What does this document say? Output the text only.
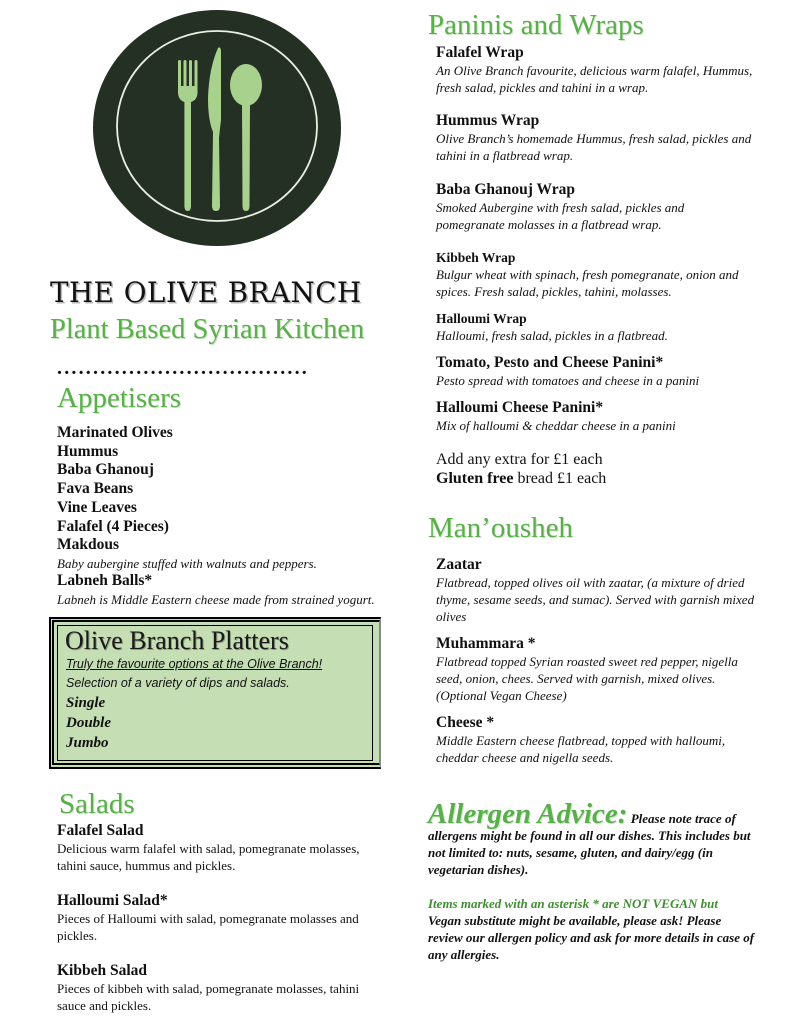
THE OLIVE BRANCH
Plant Based Syrian Kitchen
...................................
Appetisers
Marinated Olives
Hummus
Baba Ghanouj
Fava Beans
Vine Leaves
Falafel (4 Pieces)
Makdous
Baby aubergine stuffed with walnuts and peppers.
Labneh Balls*
Labneh is Middle Eastern cheese made from strained yogurt.
Olive Branch Platters
Truly the favourite options at the Olive Branch!
Selection of a variety of dips and salads.
Single
Double
Jumbo
Salads
Falafel Salad
Delicious warm falafel with salad, pomegranate molasses, tahini sauce, hummus and pickles.
Halloumi Salad*
Pieces of Halloumi with salad, pomegranate molasses and pickles.
Kibbeh Salad
Pieces of kibbeh with salad, pomegranate molasses, tahini sauce and pickles.
Paninis and Wraps
Falafel Wrap
An Olive Branch favourite, delicious warm falafel, Hummus, fresh salad, pickles and tahini in a wrap.
Hummus Wrap
Olive Branch’s homemade Hummus, fresh salad, pickles and tahini in a flatbread wrap.
Baba Ghanouj Wrap
Smoked Aubergine with fresh salad, pickles and pomegranate molasses in a flatbread wrap.
Kibbeh Wrap
Bulgur wheat with spinach, fresh pomegranate, onion and spices. Fresh salad, pickles, tahini, molasses.
Halloumi Wrap
Halloumi, fresh salad, pickles in a flatbread.
Tomato, Pesto and Cheese Panini*
Pesto spread with tomatoes and cheese in a panini
Halloumi Cheese Panini*
Mix of halloumi & cheddar cheese in a panini
Add any extra for £1 each
Gluten free bread £1 each
Man’ousheh
Zaatar
Flatbread, topped olives oil with zaatar, (a mixture of dried thyme, sesame seeds, and sumac). Served with garnish mixed olives
Muhammara *
Flatbread topped Syrian roasted sweet red pepper, nigella seed, onion, chees. Served with garnish, mixed olives. (Optional Vegan Cheese)
Cheese *
Middle Eastern cheese flatbread, topped with halloumi, cheddar cheese and nigella seeds.
Allergen Advice: Please note trace of allergens might be found in all our dishes. This includes but not limited to: nuts, sesame, gluten, and dairy/egg (in vegetarian dishes).
Items marked with an asterisk * are NOT VEGAN but
Vegan substitute might be available, please ask! Please review our allergen policy and ask for more details in case of any allergies.
